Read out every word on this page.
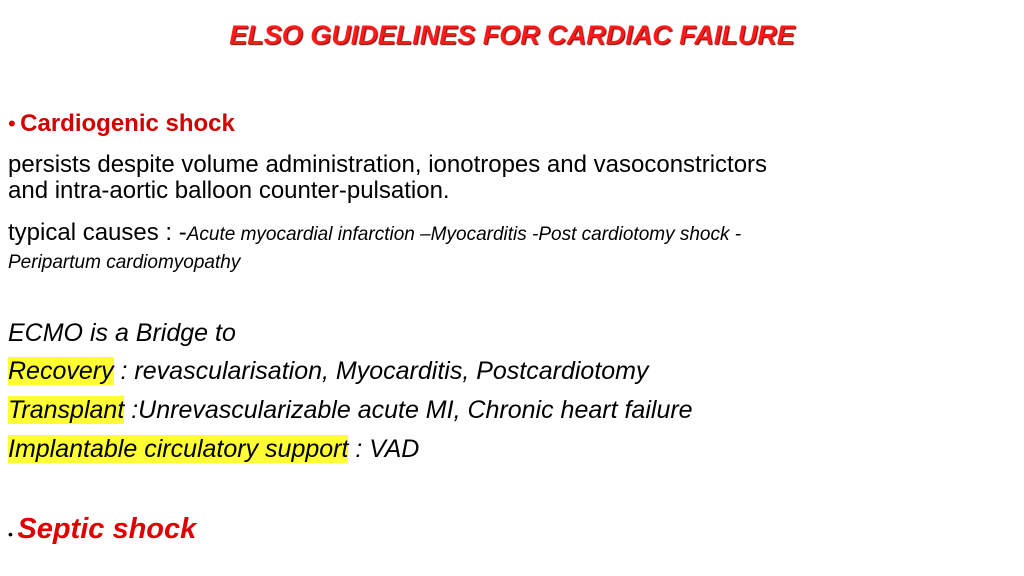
ELSO GUIDELINES FOR CARDIAC FAILURE
• Cardiogenic shock
persists despite volume administration, ionotropes and vasoconstrictors
and intra-aortic balloon counter-pulsation.
typical causes : -Acute myocardial infarction –Myocarditis -Post cardiotomy shock -
Peripartum cardiomyopathy
ECMO is a Bridge to
Recovery : revascularisation, Myocarditis, Postcardiotomy
Transplant :Unrevascularizable acute MI, Chronic heart failure
Implantable circulatory support : VAD
• Septic shock
